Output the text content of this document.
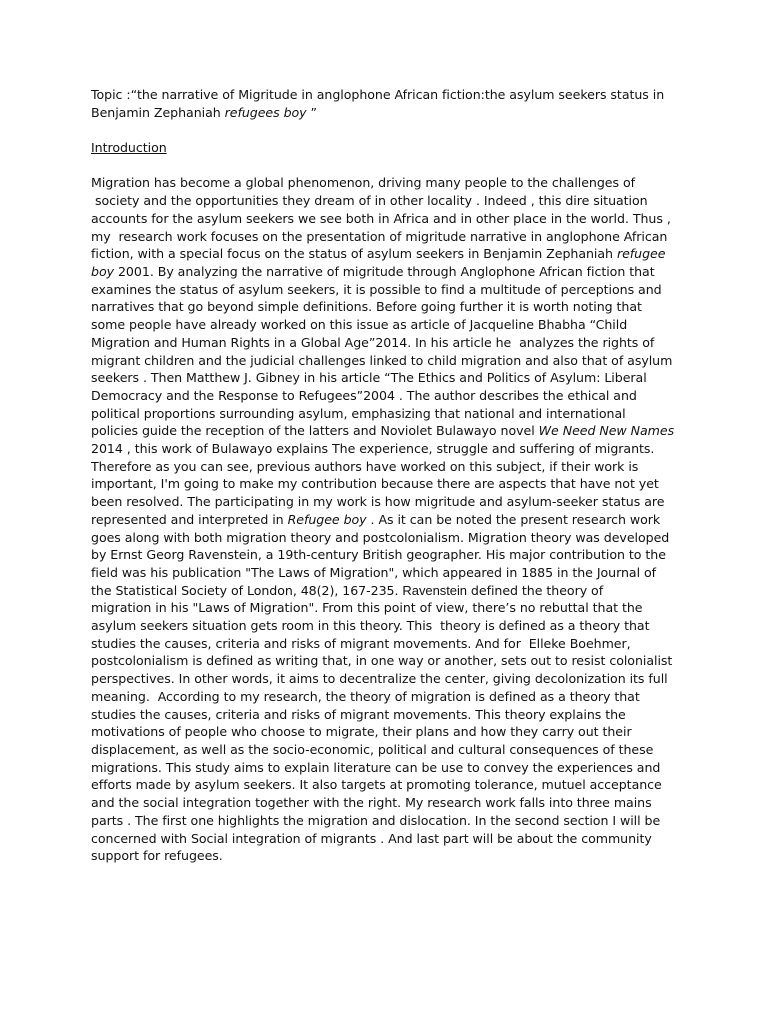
Topic :“the narrative of Migritude in anglophone African fiction:the asylum seekers status in
Benjamin Zephaniah refugees boy ”

Introduction

Migration has become a global phenomenon, driving many people to the challenges of
society and the opportunities they dream of in other locality . Indeed , this dire situation
accounts for the asylum seekers we see both in Africa and in other place in the world. Thus ,
my  research work focuses on the presentation of migritude narrative in anglophone African
fiction, with a special focus on the status of asylum seekers in Benjamin Zephaniah refugee
boy 2001. By analyzing the narrative of migritude through Anglophone African fiction that
examines the status of asylum seekers, it is possible to find a multitude of perceptions and
narratives that go beyond simple definitions. Before going further it is worth noting that
some people have already worked on this issue as article of Jacqueline Bhabha “Child
Migration and Human Rights in a Global Age”2014. In his article he  analyzes the rights of
migrant children and the judicial challenges linked to child migration and also that of asylum
seekers . Then Matthew J. Gibney in his article “The Ethics and Politics of Asylum: Liberal
Democracy and the Response to Refugees”2004 . The author describes the ethical and
political proportions surrounding asylum, emphasizing that national and international
policies guide the reception of the latters and Noviolet Bulawayo novel We Need New Names
2014 , this work of Bulawayo explains The experience, struggle and suffering of migrants.
Therefore as you can see, previous authors have worked on this subject, if their work is
important, I'm going to make my contribution because there are aspects that have not yet
been resolved. The participating in my work is how migritude and asylum-seeker status are
represented and interpreted in Refugee boy . As it can be noted the present research work
goes along with both migration theory and postcolonialism. Migration theory was developed
by Ernst Georg Ravenstein, a 19th-century British geographer. His major contribution to the
field was his publication "The Laws of Migration", which appeared in 1885 in the Journal of
the Statistical Society of London, 48(2), 167-235. Ravenstein defined the theory of
migration in his "Laws of Migration". From this point of view, there’s no rebuttal that the
asylum seekers situation gets room in this theory. This  theory is defined as a theory that
studies the causes, criteria and risks of migrant movements. And for  Elleke Boehmer,
postcolonialism is defined as writing that, in one way or another, sets out to resist colonialist
perspectives. In other words, it aims to decentralize the center, giving decolonization its full
meaning.  According to my research, the theory of migration is defined as a theory that
studies the causes, criteria and risks of migrant movements. This theory explains the
motivations of people who choose to migrate, their plans and how they carry out their
displacement, as well as the socio-economic, political and cultural consequences of these
migrations. This study aims to explain literature can be use to convey the experiences and
efforts made by asylum seekers. It also targets at promoting tolerance, mutuel acceptance
and the social integration together with the right. My research work falls into three mains
parts . The first one highlights the migration and dislocation. In the second section I will be
concerned with Social integration of migrants . And last part will be about the community
support for refugees.
